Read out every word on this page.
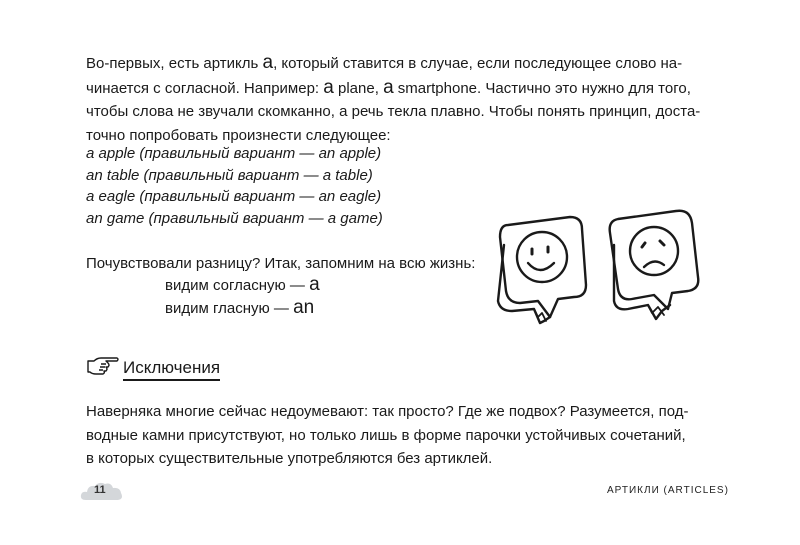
Во-первых, есть артикль a, который ставится в случае, если последующее слово на-
чинается с согласной. Например: a plane, a smartphone. Частично это нужно для того,
чтобы слова не звучали скомканно, а речь текла плавно. Чтобы понять принцип, доста-
точно попробовать произнести следующее:
a apple (правильный вариант — an apple)
an table (правильный вариант — a table)
a eagle (правильный вариант — an eagle)
an game (правильный вариант — a game)
Почувствовали разницу? Итак, запомним на всю жизнь:
видим согласную — a
видим гласную — an
Исключения
Наверняка многие сейчас недоумевают: так просто? Где же подвох? Разумеется, под-
водные камни присутствуют, но только лишь в форме парочки устойчивых сочетаний,
в которых существительные употребляются без артиклей.
11	АРТИКЛИ (ARTICLES)
